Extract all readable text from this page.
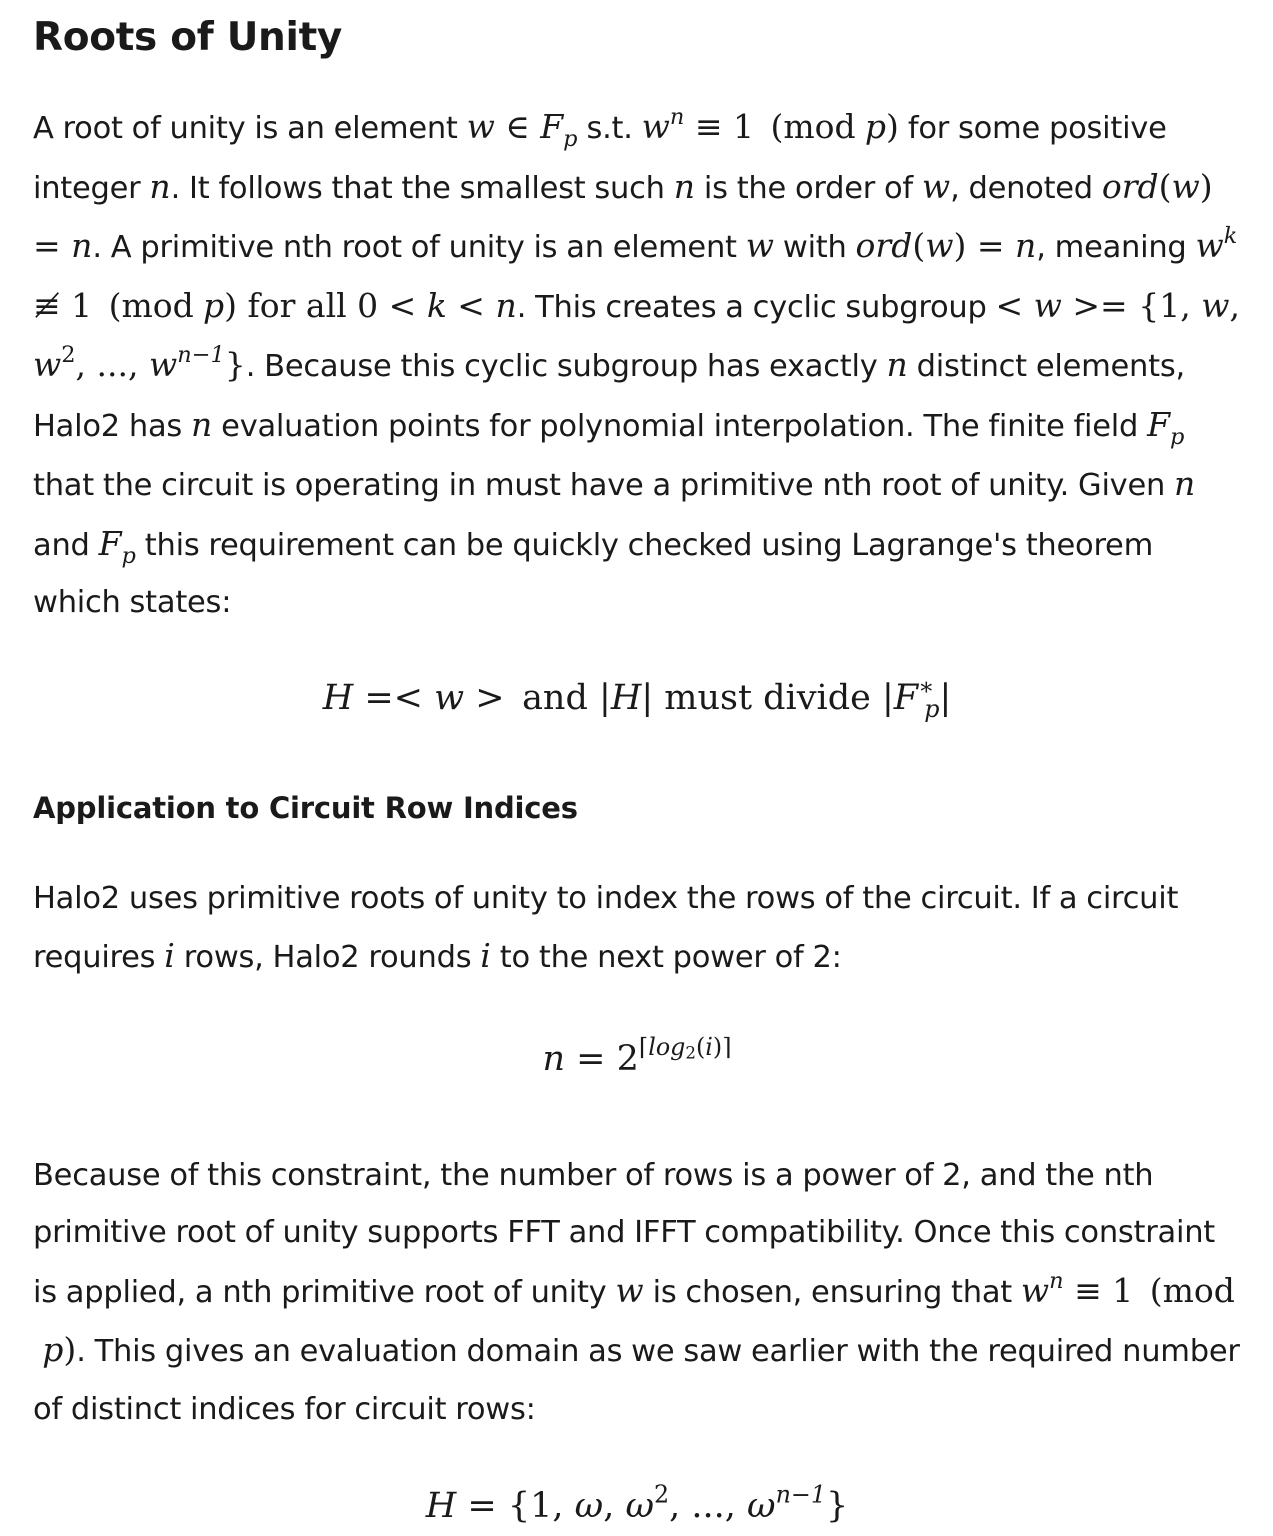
Roots of Unity

A root of unity is an element w ∈ $F_p$ s.t. $w^n \equiv 1$ (mod p) for some positive integer n. It follows that the smallest such n is the order of w, denoted ord(w) = n. A primitive nth root of unity is an element w with ord(w) = n, meaning $w^k$ ≢ 1 (mod p) for all 0 < k < n. This creates a cyclic subgroup < w >= {1, w, $w^2$, ..., $w^{n-1}$}. Because this cyclic subgroup has exactly n distinct elements, Halo2 has n evaluation points for polynomial interpolation. The finite field $F_p$ that the circuit is operating in must have a primitive nth root of unity. Given n and $F_p$ this requirement can be quickly checked using Lagrange's theorem which states:

H =< w > and |H| must divide $|F^∗_p|$
Application to Circuit Row Indices

Halo2 uses primitive roots of unity to index the rows of the circuit. If a circuit requires i rows, Halo2 rounds i to the next power of 2:

$n = 2^{⌈log_2(i)⌉}$

Because of this constraint, the number of rows is a power of 2, and the nth primitive root of unity supports FFT and IFFT compatibility. Once this constraint is applied, a nth primitive root of unity w is chosen, ensuring that $w^n \equiv 1$ (modp). This gives an evaluation domain as we saw earlier with the required number of distinct indices for circuit rows:

H = {1, ω, $\omega^2$, ..., $\omega^{n-1}$}
